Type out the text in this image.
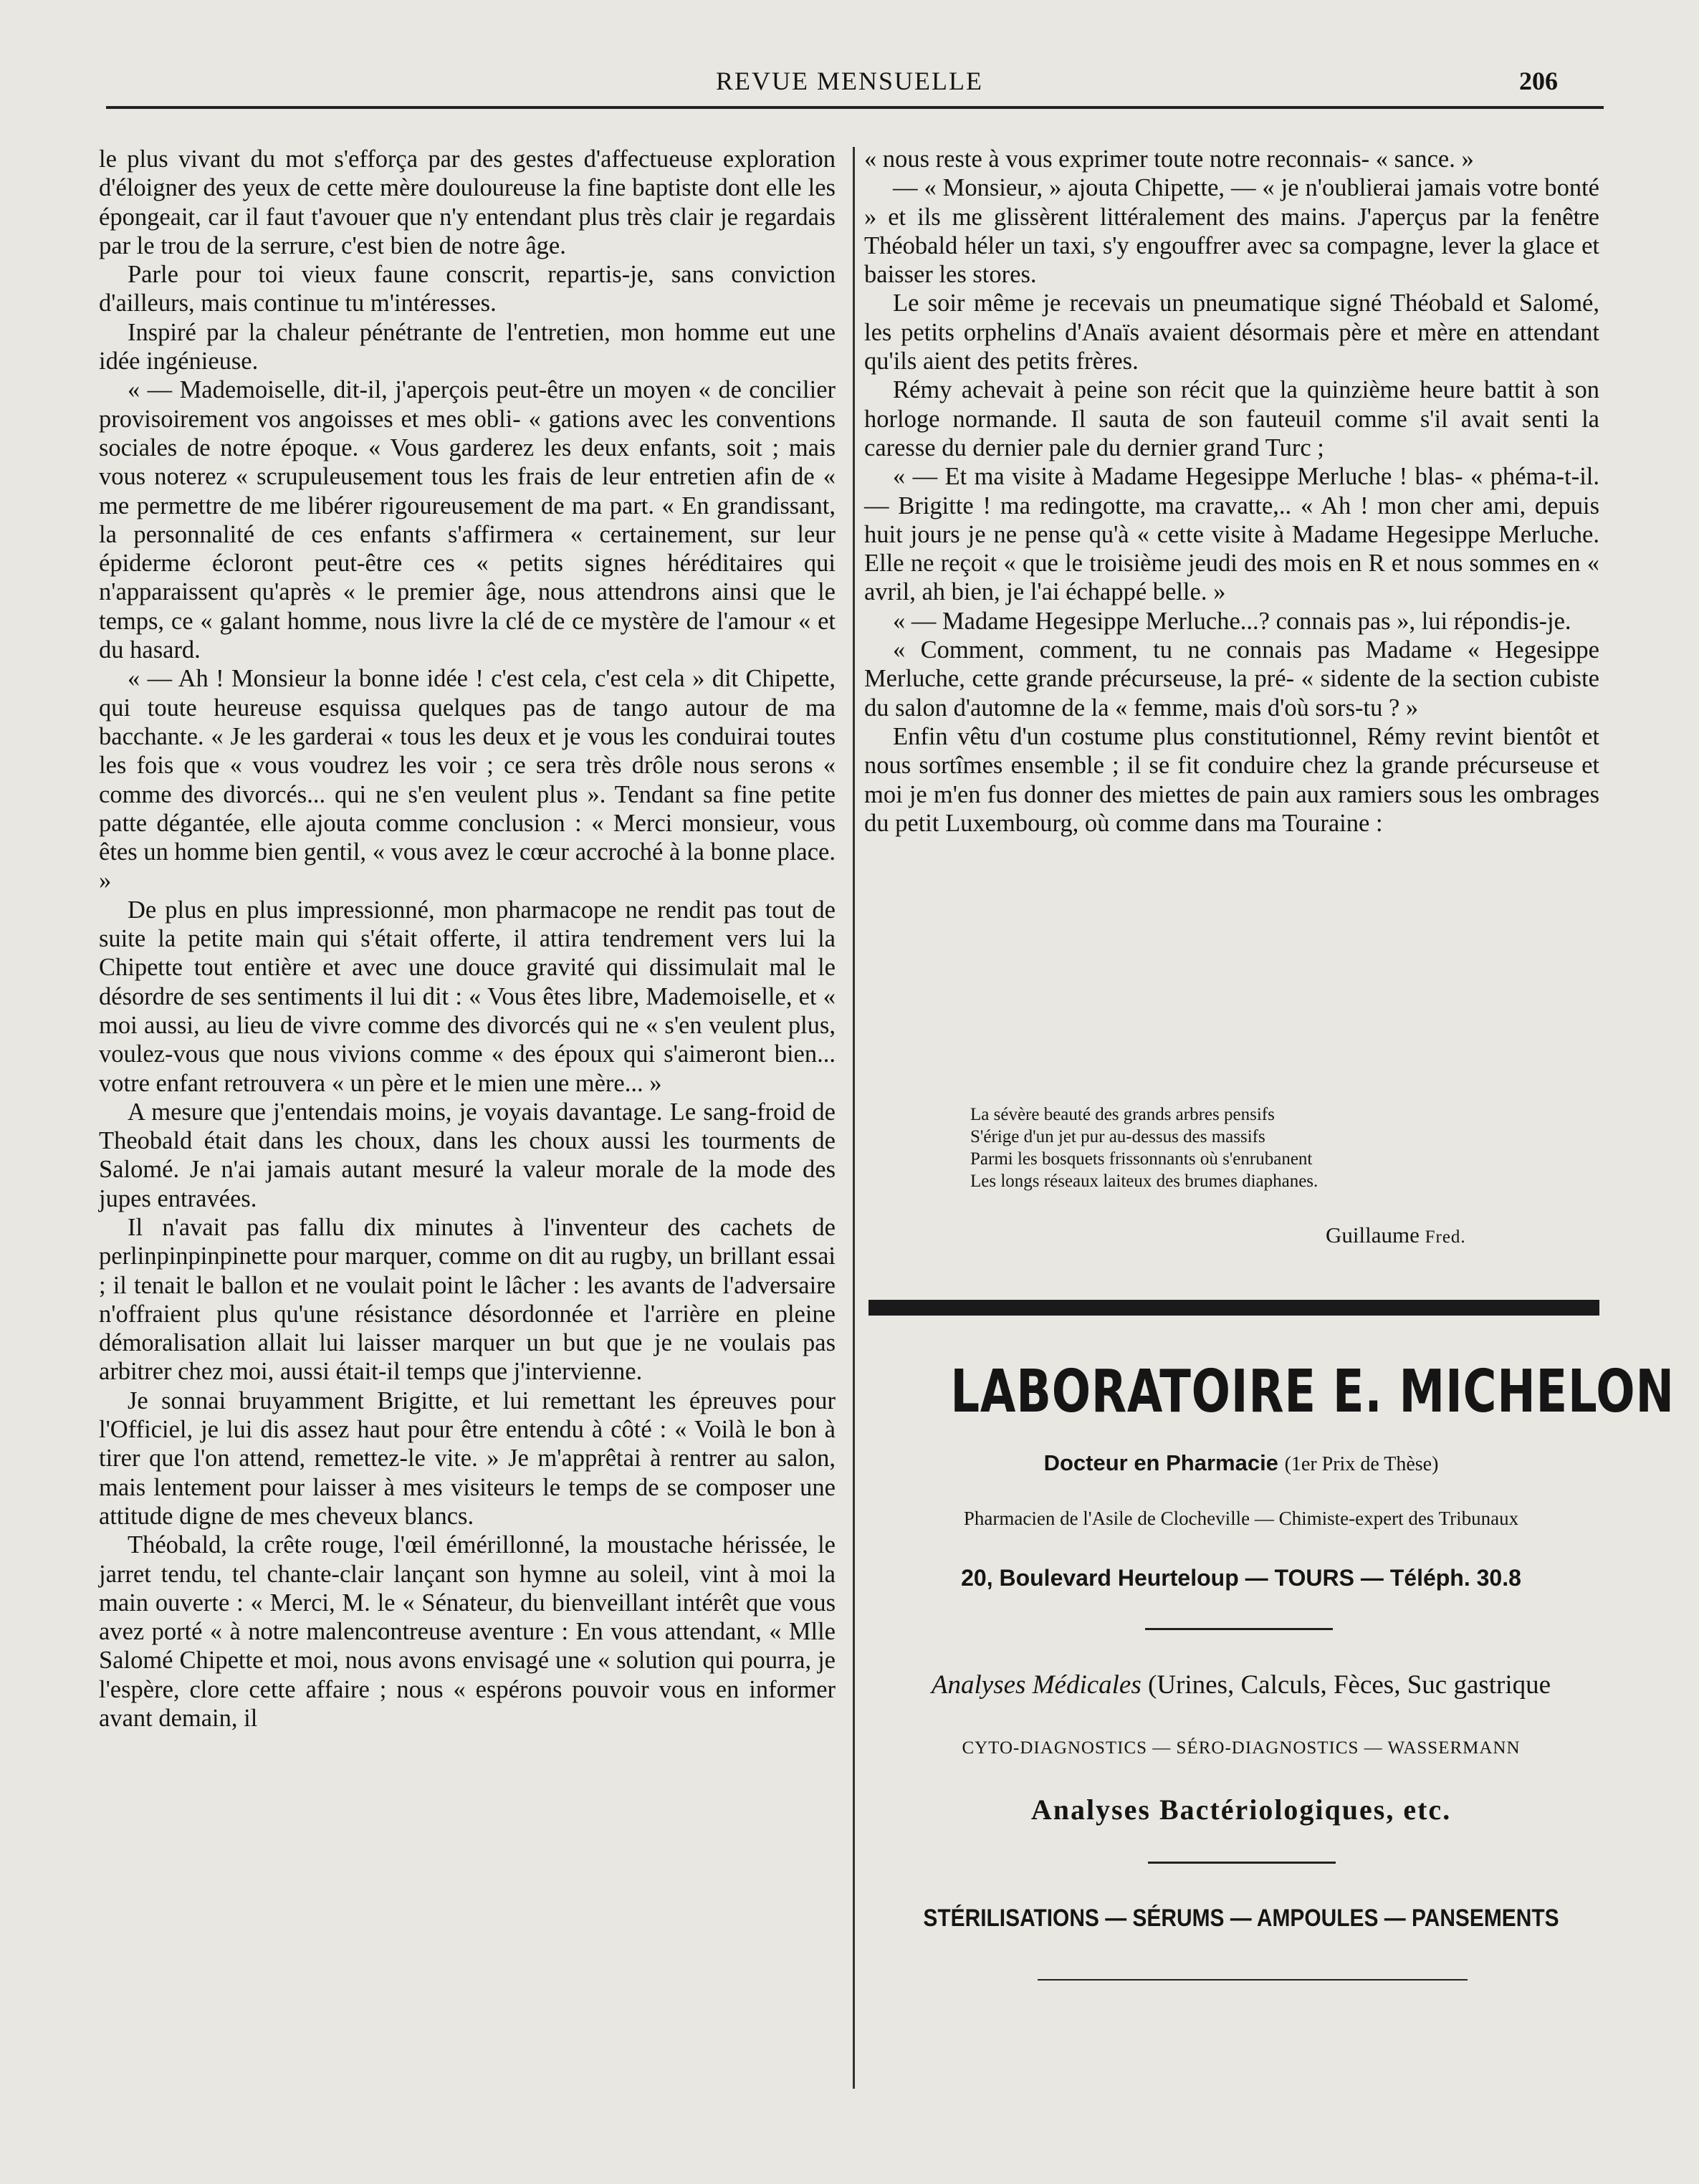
REVUE MENSUELLE	206

le plus vivant du mot s'efforça par des gestes d'affectueuse exploration d'éloigner des yeux de cette mère douloureuse la fine baptiste dont elle les épongeait, car il faut t'avouer que n'y entendant plus très clair je regardais par le trou de la serrure, c'est bien de notre âge.

Parle pour toi vieux faune conscrit, repartis-je, sans conviction d'ailleurs, mais continue tu m'intéresses.

Inspiré par la chaleur pénétrante de l'entretien, mon homme eut une idée ingénieuse.

« — Mademoiselle, dit-il, j'aperçois peut-être un moyen « de concilier provisoirement vos angoisses et mes obli- « gations avec les conventions sociales de notre époque. « Vous garderez les deux enfants, soit ; mais vous noterez « scrupuleusement tous les frais de leur entretien afin de « me permettre de me libérer rigoureusement de ma part. « En grandissant, la personnalité de ces enfants s'affirmera « certainement, sur leur épiderme écloront peut-être ces « petits signes héréditaires qui n'apparaissent qu'après « le premier âge, nous attendrons ainsi que le temps, ce « galant homme, nous livre la clé de ce mystère de l'amour « et du hasard.

« — Ah ! Monsieur la bonne idée ! c'est cela, c'est cela » dit Chipette, qui toute heureuse esquissa quelques pas de tango autour de ma bacchante. « Je les garderai « tous les deux et je vous les conduirai toutes les fois que « vous voudrez les voir ; ce sera très drôle nous serons « comme des divorcés... qui ne s'en veulent plus ». Tendant sa fine petite patte dégantée, elle ajouta comme conclusion : « Merci monsieur, vous êtes un homme bien gentil, « vous avez le cœur accroché à la bonne place. »

De plus en plus impressionné, mon pharmacope ne rendit pas tout de suite la petite main qui s'était offerte, il attira tendrement vers lui la Chipette tout entière et avec une douce gravité qui dissimulait mal le désordre de ses sentiments il lui dit : « Vous êtes libre, Mademoiselle, et « moi aussi, au lieu de vivre comme des divorcés qui ne « s'en veulent plus, voulez-vous que nous vivions comme « des époux qui s'aimeront bien... votre enfant retrouvera « un père et le mien une mère... »

A mesure que j'entendais moins, je voyais davantage. Le sang-froid de Theobald était dans les choux, dans les choux aussi les tourments de Salomé. Je n'ai jamais autant mesuré la valeur morale de la mode des jupes entravées.

Il n'avait pas fallu dix minutes à l'inventeur des cachets de perlinpinpinpinette pour marquer, comme on dit au rugby, un brillant essai ; il tenait le ballon et ne voulait point le lâcher : les avants de l'adversaire n'offraient plus qu'une résistance désordonnée et l'arrière en pleine démoralisation allait lui laisser marquer un but que je ne voulais pas arbitrer chez moi, aussi était-il temps que j'intervienne.

Je sonnai bruyamment Brigitte, et lui remettant les épreuves pour l'Officiel, je lui dis assez haut pour être entendu à côté : « Voilà le bon à tirer que l'on attend, remettez-le vite. » Je m'apprêtai à rentrer au salon, mais lentement pour laisser à mes visiteurs le temps de se composer une attitude digne de mes cheveux blancs.

Théobald, la crête rouge, l'œil émérillonné, la moustache hérissée, le jarret tendu, tel chante-clair lançant son hymne au soleil, vint à moi la main ouverte : « Merci, M. le « Sénateur, du bienveillant intérêt que vous avez porté « à notre malencontreuse aventure : En vous attendant, « Mlle Salomé Chipette et moi, nous avons envisagé une « solution qui pourra, je l'espère, clore cette affaire ; nous « espérons pouvoir vous en informer avant demain, il

« nous reste à vous exprimer toute notre reconnais- « sance. »

— « Monsieur, » ajouta Chipette, — « je n'oublierai jamais votre bonté » et ils me glissèrent littéralement des mains. J'aperçus par la fenêtre Théobald héler un taxi, s'y engouffrer avec sa compagne, lever la glace et baisser les stores.

Le soir même je recevais un pneumatique signé Théobald et Salomé, les petits orphelins d'Anaïs avaient désormais père et mère en attendant qu'ils aient des petits frères.

Rémy achevait à peine son récit que la quinzième heure battit à son horloge normande. Il sauta de son fauteuil comme s'il avait senti la caresse du dernier pale du dernier grand Turc ;

« — Et ma visite à Madame Hegesippe Merluche ! blas- « phéma-t-il. — Brigitte ! ma redingotte, ma cravatte,.. « Ah ! mon cher ami, depuis huit jours je ne pense qu'à « cette visite à Madame Hegesippe Merluche. Elle ne reçoit « que le troisième jeudi des mois en R et nous sommes en « avril, ah bien, je l'ai échappé belle. »

« — Madame Hegesippe Merluche...? connais pas », lui répondis-je.

« Comment, comment, tu ne connais pas Madame « Hegesippe Merluche, cette grande précurseuse, la pré- « sidente de la section cubiste du salon d'automne de la « femme, mais d'où sors-tu ? »

Enfin vêtu d'un costume plus constitutionnel, Rémy revint bientôt et nous sortîmes ensemble ; il se fit conduire chez la grande précurseuse et moi je m'en fus donner des miettes de pain aux ramiers sous les ombrages du petit Luxembourg, où comme dans ma Touraine :

La sévère beauté des grands arbres pensifs
S'érige d'un jet pur au-dessus des massifs
Parmi les bosquets frissonnants où s'enrubanent
Les longs réseaux laiteux des brumes diaphanes.
Guillaume Fred.
LABORATOIRE E. MICHELON
Docteur en Pharmacie (1er Prix de Thèse)
Pharmacien de l'Asile de Clocheville — Chimiste-expert des Tribunaux
20, Boulevard Heurteloup — TOURS — Téléph. 30.8
Analyses Médicales (Urines, Calculs, Fèces, Suc gastrique
CYTO-DIAGNOSTICS — SÉRO-DIAGNOSTICS — WASSERMANN
Analyses Bactériologiques, etc.
STÉRILISATIONS — SÉRUMS — AMPOULES — PANSEMENTS
